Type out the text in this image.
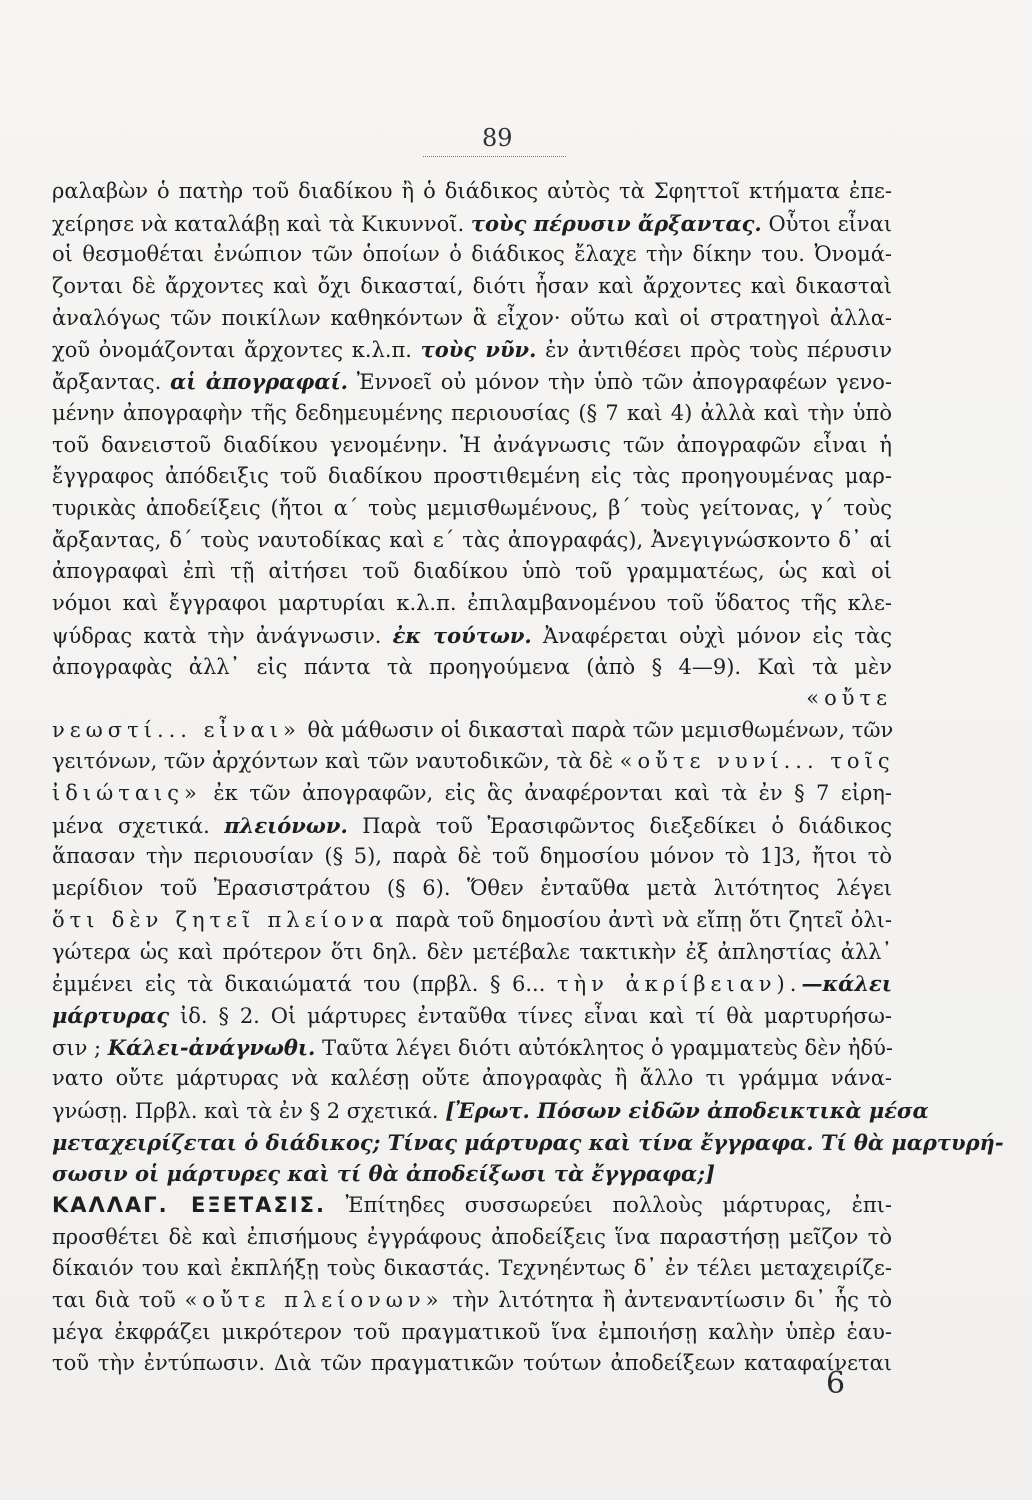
89
ραλαβὼν ὁ πατὴρ τοῦ διαδίκου ἢ ὁ διάδικος αὐτὸς τὰ Σφηττοῖ κτήματα ἐπε-
χείρησε νὰ καταλάβῃ καὶ τὰ Κικυννοῖ. τοὺς πέρυσιν ἄρξαντας. Οὗτοι εἶναι
οἱ θεσμοθέται ἐνώπιον τῶν ὁποίων ὁ διάδικος ἔλαχε τὴν δίκην του. Ὀνομά-
ζονται δὲ ἄρχοντες καὶ ὄχι δικασταί, διότι ἦσαν καὶ ἄρχοντες καὶ δικασταὶ
ἀναλόγως τῶν ποικίλων καθηκόντων ἃ εἶχον· οὕτω καὶ οἱ στρατηγοὶ ἀλλα-
χοῦ ὀνομάζονται ἄρχοντες κ.λ.π. τοὺς νῦν. ἐν ἀντιθέσει πρὸς τοὺς πέρυσιν
ἄρξαντας. αἱ ἀπογραφαί. Ἐννοεῖ οὐ μόνον τὴν ὑπὸ τῶν ἀπογραφέων γενο-
μένην ἀπογραφὴν τῆς δεδημευμένης περιουσίας (§ 7 καὶ 4) ἀλλὰ καὶ τὴν ὑπὸ
τοῦ δανειστοῦ διαδίκου γενομένην. Ἡ ἀνάγνωσις τῶν ἀπογραφῶν εἶναι ἡ
ἔγγραφος ἀπόδειξις τοῦ διαδίκου προστιθεμένη εἰς τὰς προηγουμένας μαρ-
τυρικὰς ἀποδείξεις (ἤτοι α΄ τοὺς μεμισθωμένους, β΄ τοὺς γείτονας, γ΄ τοὺς
ἄρξαντας, δ΄ τοὺς ναυτοδίκας καὶ ε΄ τὰς ἀπογραφάς), Ἀνεγιγνώσκοντο δ᾽ αἱ
ἀπογραφαὶ ἐπὶ τῇ αἰτήσει τοῦ διαδίκου ὑπὸ τοῦ γραμματέως, ὡς καὶ οἱ
νόμοι καὶ ἔγγραφοι μαρτυρίαι κ.λ.π. ἐπιλαμβανομένου τοῦ ὕδατος τῆς κλε-
ψύδρας κατὰ τὴν ἀνάγνωσιν. ἐκ τούτων. Ἀναφέρεται οὐχὶ μόνον εἰς τὰς
ἀπογραφὰς ἀλλ᾽ εἰς πάντα τὰ προηγούμενα (ἀπὸ § 4—9). Καὶ τὰ μὲν
«οὔτε
νεωστί... εἶναι» θὰ μάθωσιν οἱ δικασταὶ παρὰ τῶν μεμισθωμένων, τῶν
γειτόνων, τῶν ἀρχόντων καὶ τῶν ναυτοδικῶν, τὰ δὲ «οὔτε νυνί... τοῖς
ἰδιώταις» ἐκ τῶν ἀπογραφῶν, εἰς ἃς ἀναφέρονται καὶ τὰ ἐν § 7 εἰρη-
μένα σχετικά. πλειόνων. Παρὰ τοῦ Ἐρασιφῶντος διεξεδίκει ὁ διάδικος
ἅπασαν τὴν περιουσίαν (§ 5), παρὰ δὲ τοῦ δημοσίου μόνον τὸ 1]3, ἤτοι τὸ
μερίδιον τοῦ Ἐρασιστράτου (§ 6). Ὅθεν ἐνταῦθα μετὰ λιτότητος λέγει
ὅτι δὲν ζητεῖ πλείονα παρὰ τοῦ δημοσίου ἀντὶ νὰ εἴπῃ ὅτι ζητεῖ ὀλι-
γώτερα ὡς καὶ πρότερον ὅτι δηλ. δὲν μετέβαλε τακτικὴν ἐξ ἀπληστίας ἀλλ᾽
ἐμμένει εἰς τὰ δικαιώματά του (πρβλ. § 6... τὴν ἀκρίβειαν).—κάλει
μάρτυρας ἰδ. § 2. Οἱ μάρτυρες ἐνταῦθα τίνες εἶναι καὶ τί θὰ μαρτυρήσω-
σιν ; Κάλει-ἀνάγνωθι. Ταῦτα λέγει διότι αὐτόκλητος ὁ γραμματεὺς δὲν ἠδύ-
νατο οὔτε μάρτυρας νὰ καλέσῃ οὔτε ἀπογραφὰς ἢ ἄλλο τι γράμμα νάνα-
γνώσῃ. Πρβλ. καὶ τὰ ἐν § 2 σχετικά. [Ἐρωτ. Πόσων εἰδῶν ἀποδεικτικὰ μέσα
μεταχειρίζεται ὁ διάδικος; Τίνας μάρτυρας καὶ τίνα ἔγγραφα. Τί θὰ μαρτυρή-
σωσιν οἱ μάρτυρες καὶ τί θὰ ἀποδείξωσι τὰ ἔγγραφα;]
ΚΑΛΛΑΓ. ΕΞΕΤΑΣΙΣ. Ἐπίτηδες συσσωρεύει πολλοὺς μάρτυρας, ἐπι-
προσθέτει δὲ καὶ ἐπισήμους ἐγγράφους ἀποδείξεις ἵνα παραστήσῃ μεῖζον τὸ
δίκαιόν του καὶ ἐκπλήξῃ τοὺς δικαστάς. Τεχνηέντως δ᾽ ἐν τέλει μεταχειρίζε-
ται διὰ τοῦ «οὔτε πλείονων» τὴν λιτότητα ἢ ἀντεναντίωσιν δι᾽ ἧς τὸ
μέγα ἐκφράζει μικρότερον τοῦ πραγματικοῦ ἵνα ἐμποιήσῃ καλὴν ὑπὲρ ἑαυ-
τοῦ τὴν ἐντύπωσιν. Διὰ τῶν πραγματικῶν τούτων ἀποδείξεων καταφαίνεται
6
